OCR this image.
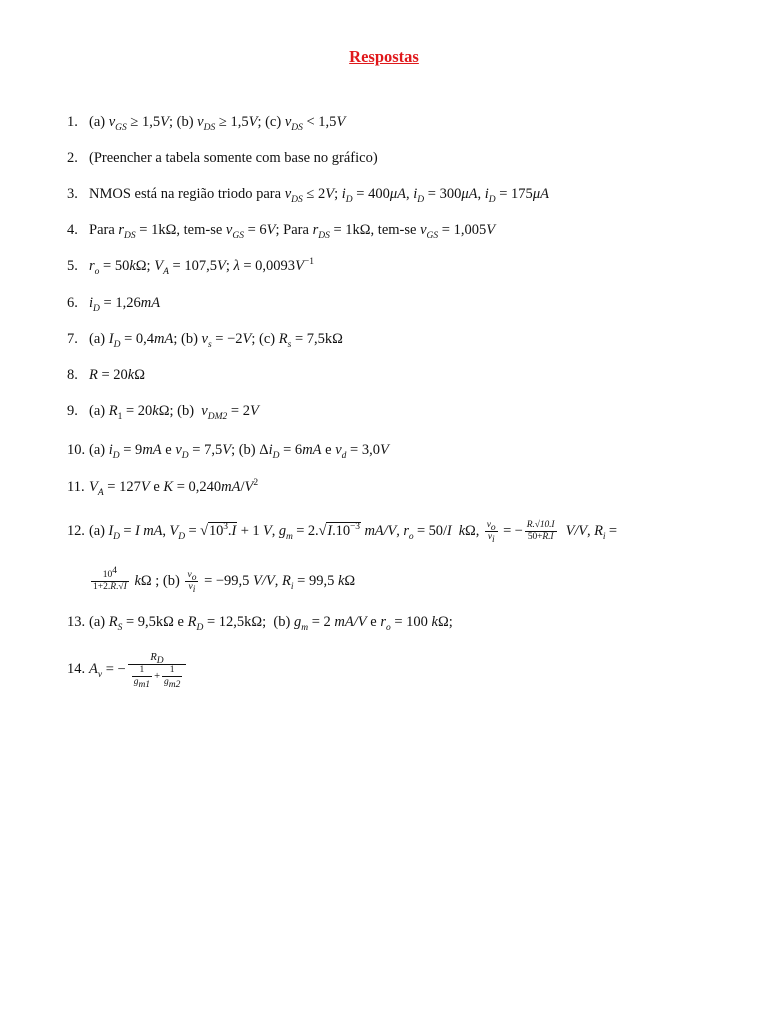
Respostas
1. (a) $v_{GS} \ge 1,5V$; (b) $v_{DS} \ge 1,5V$; (c) $v_{DS} < 1,5V$
2. (Preencher a tabela somente com base no gráfico)
3. NMOS está na região triodo para $v_{DS} \le 2V$; $i_D = 400\mu A$, $i_D = 300\mu A$, $i_D = 175\mu A$
4. Para $r_{DS} = 1k\Omega$, tem-se $v_{GS} = 6V$; Para $r_{DS} = 1k\Omega$, tem-se $v_{GS} = 1,005V$
5. $r_o = 50k\Omega$; $V_A = 107,5V$; $\lambda = 0,0093V^{-1}$
6. $i_D = 1,26mA$
7. (a) $I_D = 0,4mA$; (b) $v_s = -2V$; (c) $R_s = 7,5k\Omega$
8. R = 20kΩ
9. (a) $R_1 = 20k\Omega$; (b)  $v_{DM2} = 2V$
10. (a) $i_D = 9mA$ e $v_D = 7,5V$; (b) $\Delta i_D = 6mA$ e $v_d = 3,0V$
11. $V_A = 127V$ e $K = 0,240mA/V^2$
12. (a) $I_D = I$ mA, $V_D = √10^3.I + 1$ V, $g_m = 2.√I.10^{-3}$ mA/V, $r_o = 50/I$ kΩ, $\frac{v_o}{v_i}$ = − $\frac{R.√10.I}{50+R.I} V/V$, $R_i$ =
$\frac{10^4}{1+2.R.√I}$ kΩ ; $(b) \frac{v_o}{v_i} = -99,5$ V/V, $R_i = 99,5$ kΩ
13. (a) $R_S = 9,5k\Omega$ e $R_D = 12,5k\Omega$;  (b) $g_m = 2$ mA/V e $r_o = 100$ kΩ;
14. $A_v$ = − $\frac{R_D}{\frac{1}{g_{m1}} + \frac{1}{g_{m2}}}$
